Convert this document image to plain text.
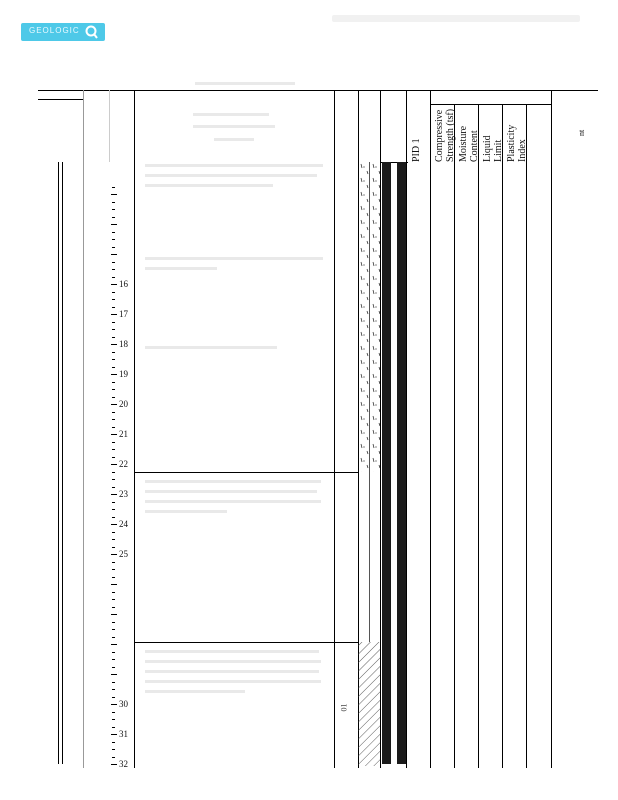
GEOLOGIC
PID 1 Compressive Strength (tsf) Moisture Content Liquid Limit Plasticity Index
nt
16
17
18
19
20
21
22
23
24
25
30
31
32
01
